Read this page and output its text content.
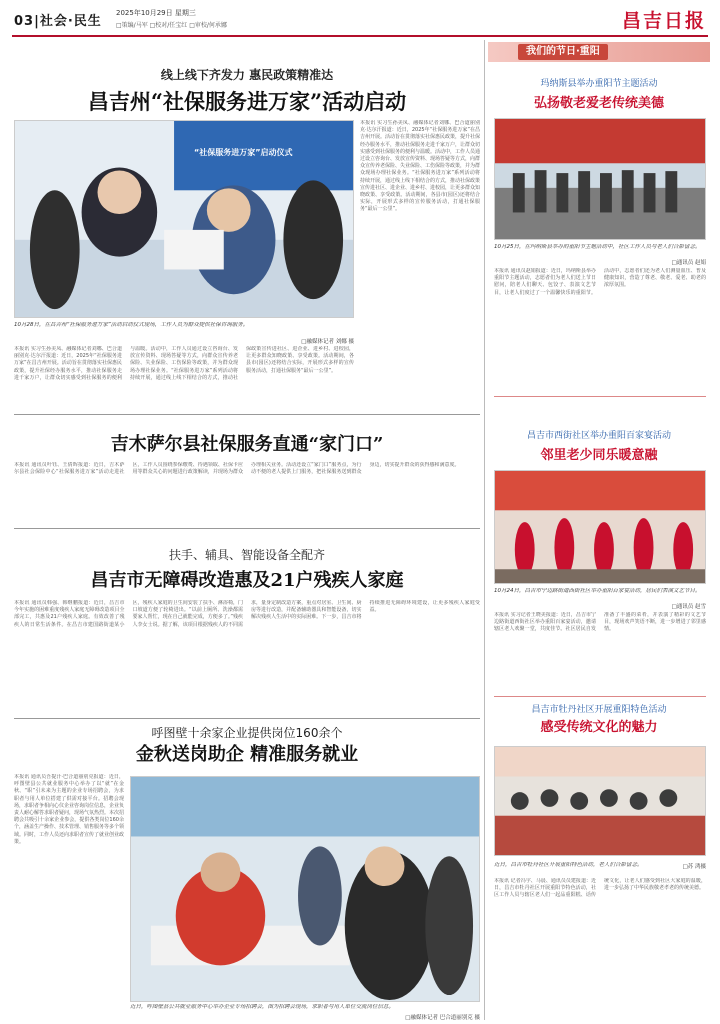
03|社会·民生
2025年10月29日 星期三
□策编/马军 □校对/任宝红 □审校/何承娜	昌吉日报
线上线下齐发力 惠民政策精准达
昌吉州“社保服务进万家”活动启动
“社保服务进万家”启动仪式
10月28日，在昌吉州“社保服务进万家”活动启动仪式现场，工作人员为群众提供社保咨询服务。
□融媒体记者 刘娜 摄
本报讯 实习生孙美凤、融媒体记者刘娜、巴合道丽别克·达尔汗报道：近日，2025年“社保服务进万家”在昌吉州开展。活动旨在贯彻落实社保惠民政策，提升社保经办服务水平，推动社保服务走进千家万户，让群众切实感受到社保服务的便利与温暖。活动中，工作人员通过设立咨询台、发放宣传资料、现场答疑等方式，向群众宣传养老保险、失业保险、工伤保险等政策，并为群众现场办理社保业务。“社保服务进万家”系列活动将持续开展，通过线上线下相结合的方式，推动社保政策宣传进社区、进企业、进乡村、进校园，让更多群众知晓政策、享受政策。活动期间，各县市(园区)还将结合实际，开展形式多样的宣传服务活动，打通社保服务“最后一公里”。
本报讯 实习生孙美凤、融媒体记者刘娜、巴合道丽别克·达尔汗报道：近日，2025年“社保服务进万家”在昌吉州开展。活动旨在贯彻落实社保惠民政策，提升社保经办服务水平，推动社保服务走进千家万户，让群众切实感受到社保服务的便利与温暖。活动中，工作人员通过设立咨询台、发放宣传资料、现场答疑等方式，向群众宣传养老保险、失业保险、工伤保险等政策，并为群众现场办理社保业务。“社保服务进万家”系列活动将持续开展，通过线上线下相结合的方式，推动社保政策宣传进社区、进企业、进乡村、进校园，让更多群众知晓政策、享受政策。活动期间，各县市(园区)还将结合实际，开展形式多样的宣传服务活动，打通社保服务“最后一公里”。
吉木萨尔县社保服务直通“家门口”
本报讯 通讯员叶钰、王倩晖报道：近日，吉木萨尔县社会保险中心“社保服务进万家”活动走进社区，工作人员围绕参保缴费、待遇领取、社保卡应用等群众关心的问题进行政策解读，并现场为群众办理相关业务。活动还设立“家门口”服务点，为行动不便的老人提供上门服务，把社保服务送到群众身边，切实提升群众的获得感和满意度。
扶手、辅具、智能设备全配齐
昌吉市无障碍改造惠及21户残疾人家庭
本报讯 通讯员韩强、韩继鹏报道：近日，昌吉市今年实施的困难重度残疾人家庭无障碍改造项目全部完工，共惠及21户残疾人家庭。有效改善了残疾人的日常生活条件。在昌吉市建国路街道某小区，残疾人家庭的卫生间安装了扶手、淋浴椅，门口坡道方便了轮椅进出。“以前上厕所、洗澡都需要家人帮忙，现在自己就能完成，方便多了。”残疾人李女士说。据了解，该项目根据残疾人的不同需求，量身定制改造方案，重点对居室、卫生间、厨房等进行改造，并配备辅助器具和智能设备，切实解决残疾人生活中的实际困难。下一步，昌吉市将持续推进无障碍环境建设，让更多残疾人家庭受益。
呼图壁十余家企业提供岗位160余个
金秋送岗助企 精准服务就业
本报讯 通讯员吾提汗·巴合道丽别克报道：近日，呼图壁县公共就业服务中心举办了以“就”在金秋、“职”引未来为主题的企业专场招聘会，为求职者与用人单位搭建了供需对接平台。招聘会现场，求职者争相向心仪企业咨询岗位信息，企业负责人耐心解答求职者疑问，现场气氛热烈。本次招聘会共吸引十余家企业参会，提供各类岗位160余个，涵盖生产操作、技术管理、销售服务等多个领域。同时，工作人员还向求职者宣传了就业创业政策。
近日，呼图壁县公共就业服务中心举办企业专场招聘会，图为招聘会现场，求职者与用人单位交流岗位信息。
□融媒体记者 巴合道丽别克 摄
我们的节日·重阳
玛纳斯县举办重阳节主题活动
弘扬敬老爱老传统美德
10月25日，在玛纳斯县举办的重阳节主题活动中，社区工作人员与老人们合影留念。
□通讯员 赵娟
本报讯 通讯员赵娟报道：近日，玛纳斯县举办重阳节主题活动，志愿者们为老人们送上节日慰问，陪老人们聊天、包饺子、表演文艺节目，让老人们度过了一个温馨快乐的重阳节。活动中，志愿者们还为老人们测量血压、普及健康知识，营造了尊老、敬老、爱老、助老的浓厚氛围。
昌吉市西街社区举办重阳百家宴活动
邻里老少同乐暖意融
10月24日，昌吉市宁边路街道西街社区举办重阳百家宴活动，居民们表演文艺节目。
□通讯员 赵雪
本报讯 实习记者王晓美报道：近日，昌吉市宁边路街道西街社区举办重阳百家宴活动，邀请辖区老人欢聚一堂，共度佳节。社区居民自发准备了丰盛的菜肴，并表演了精彩的文艺节目，现场欢声笑语不断，进一步增进了邻里感情。
昌吉市牡丹社区开展重阳特色活动
感受传统文化的魅力
近日，昌吉市牡丹社区开展重阳特色活动，老人们合影留念。	□苏 鸿摄
本报讯 记者冯宇、马晨、通讯员员建报道：近日，昌吉市牡丹社区开展重阳节特色活动，社区工作人员与辖区老人们一起品重阳糕、话传统文化，让老人们感受到社区大家庭的温暖，进一步弘扬了中华民族敬老孝老的传统美德。
